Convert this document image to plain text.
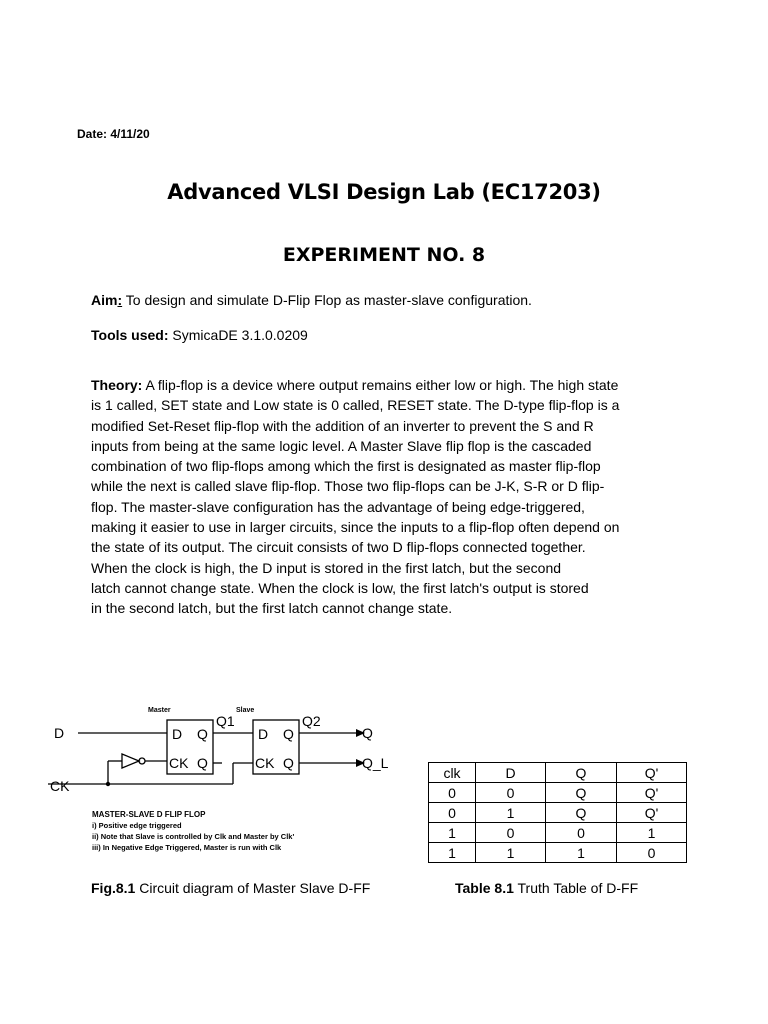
Date: 4/11/20
Advanced VLSI Design Lab (EC17203)
EXPERIMENT NO. 8
Aim: To design and simulate D-Flip Flop as master-slave configuration.
Tools used: SymicaDE 3.1.0.0209
Theory: A flip-flop is a device where output remains either low or high. The high state
is 1 called, SET state and Low state is 0 called, RESET state. The D-type flip-flop is a
modified Set-Reset flip-flop with the addition of an inverter to prevent the S and R
inputs from being at the same logic level. A Master Slave flip flop is the cascaded
combination of two flip-flops among which the first is designated as master flip-flop
while the next is called slave flip-flop. Those two flip-flops can be J-K, S-R or D flip-
flop. The master-slave configuration has the advantage of being edge-triggered,
making it easier to use in larger circuits, since the inputs to a flip-flop often depend on
the state of its output. The circuit consists of two D flip-flops connected together.
When the clock is high, the D input is stored in the first latch, but the second
latch cannot change state. When the clock is low, the first latch's output is stored
in the second latch, but the first latch cannot change state.
Master	Slave
D
CK
D Q
CK Q
D Q
CK Q
Q1	Q2
Q
Q_L
MASTER-SLAVE D FLIP FLOP
i) Positive edge triggered
ii) Note that Slave is controlled by Clk and Master by Clk'
iii) In Negative Edge Triggered, Master is run with Clk
clk	D	Q	Q'
0	0	Q	Q'
0	1	Q	Q'
1	0	0	1
1	1	1	0
Fig.8.1 Circuit diagram of Master Slave D-FF	Table 8.1 Truth Table of D-FF
